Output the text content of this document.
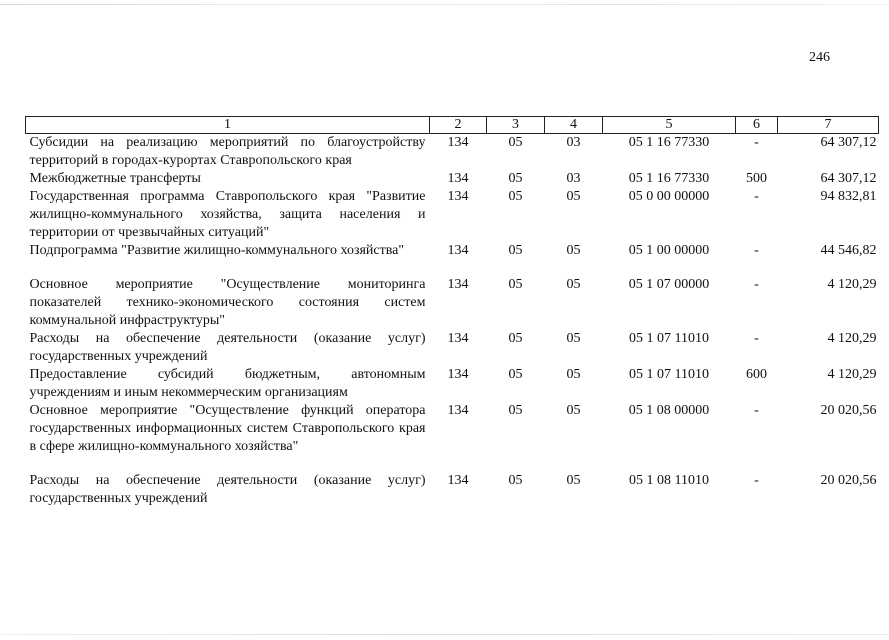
246
1	2	3	4	5	6	7
Субсидии на реализацию мероприятий по благоустройству территорий в городах-курортах Ставропольского края	134	05	03	05 1 16 77330	-	64 307,12
Межбюджетные трансферты	134	05	03	05 1 16 77330	500	64 307,12
Государственная программа Ставропольского края "Развитие жилищно-коммунального хозяйства, защита населения и территории от чрезвычайных ситуаций"	134	05	05	05 0 00 00000	-	94 832,81
Подпрограмма "Развитие жилищно-коммунального хозяйства"	134	05	05	05 1 00 00000	-	44 546,82

Основное мероприятие "Осуществление мониторинга показателей технико-экономического состояния систем коммунальной инфраструктуры"	134	05	05	05 1 07 00000	-	4 120,29
Расходы на обеспечение деятельности (оказание услуг) государственных учреждений	134	05	05	05 1 07 11010	-	4 120,29
Предоставление субсидий бюджетным, автономным учреждениям и иным некоммерческим организациям	134	05	05	05 1 07 11010	600	4 120,29
Основное мероприятие "Осуществление функций оператора государственных информационных систем Ставропольского края в сфере жилищно-коммунального хозяйства"	134	05	05	05 1 08 00000	-	20 020,56

Расходы на обеспечение деятельности (оказание услуг) государственных учреждений	134	05	05	05 1 08 11010	-	20 020,56
